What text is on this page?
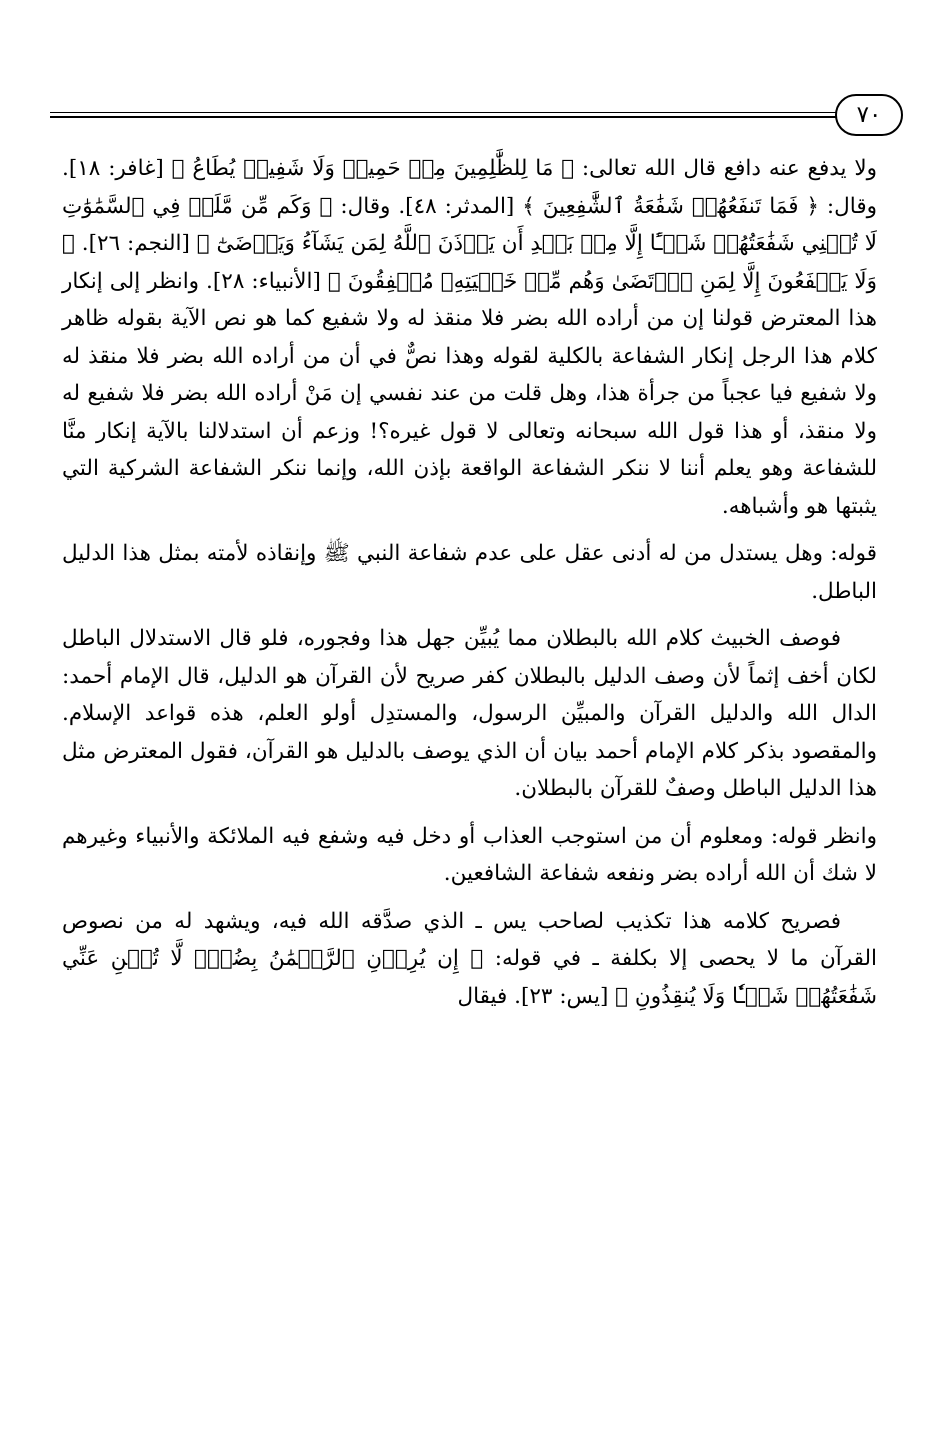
٧٠

ولا يدفع عنه دافع قال الله تعالى: ﴿ مَا لِلظَّٰلِمِينَ مِنۡ حَمِيمٖ وَلَا شَفِيعٖ يُطَاعُ ﴾ [غافر: ١٨]. وقال: ﴿ فَمَا تَنفَعُهُمۡ شَفَٰعَةُ ٱلشَّٰفِعِينَ ﴾ [المدثر: ٤٨]. وقال: ﴿ وَكَم مِّن مَّلَكٖ فِي ٱلسَّمَٰوَٰتِ لَا تُغۡنِي شَفَٰعَتُهُمۡ شَيۡـًٔا إِلَّا مِنۢ بَعۡدِ أَن يَأۡذَنَ ٱللَّهُ لِمَن يَشَآءُ وَيَرۡضَىٰٓ ﴾ [النجم: ٢٦]. ﴿ وَلَا يَشۡفَعُونَ إِلَّا لِمَنِ ٱرۡتَضَىٰ وَهُم مِّنۡ خَشۡيَتِهِۦ مُشۡفِقُونَ ﴾ [الأنبياء: ٢٨]. وانظر إلى إنكار هذا المعترض قولنا إن من أراده الله بضر فلا منقذ له ولا شفيع كما هو نص الآية بقوله ظاهر كلام هذا الرجل إنكار الشفاعة بالكلية لقوله وهذا نصٌّ في أن من أراده الله بضر فلا منقذ له ولا شفيع فيا عجباً من جرأة هذا، وهل قلت من عند نفسي إن مَنْ أراده الله بضر فلا شفيع له ولا منقذ، أو هذا قول الله سبحانه وتعالى لا قول غيره؟! وزعم أن استدلالنا بالآية إنكار منَّا للشفاعة وهو يعلم أننا لا ننكر الشفاعة الواقعة بإذن الله، وإنما ننكر الشفاعة الشركية التي يثبتها هو وأشباهه.

قوله: وهل يستدل من له أدنى عقل على عدم شفاعة النبي ﷺ وإنقاذه لأمته بمثل هذا الدليل الباطل.

فوصف الخبيث كلام الله بالبطلان مما يُبيِّن جهل هذا وفجوره، فلو قال الاستدلال الباطل لكان أخف إثماً لأن وصف الدليل بالبطلان كفر صريح لأن القرآن هو الدليل، قال الإمام أحمد: الدال الله والدليل القرآن والمبيِّن الرسول، والمستدِل أولو العلم، هذه قواعد الإسلام. والمقصود بذكر كلام الإمام أحمد بيان أن الذي يوصف بالدليل هو القرآن، فقول المعترض مثل هذا الدليل الباطل وصفٌ للقرآن بالبطلان.

وانظر قوله: ومعلوم أن من استوجب العذاب أو دخل فيه وشفع فيه الملائكة والأنبياء وغيرهم لا شك أن الله أراده بضر ونفعه شفاعة الشافعين.

فصريح كلامه هذا تكذيب لصاحب يس ـ الذي صدَّقه الله فيه، ويشهد له من نصوص القرآن ما لا يحصى إلا بكلفة ـ في قوله: ﴿ إِن يُرِدۡنِ ٱلرَّحۡمَٰنُ بِضُرّٖ لَّا تُغۡنِ عَنِّي شَفَٰعَتُهُمۡ شَيۡـٔٗا وَلَا يُنقِذُونِ ﴾ [يس: ٢٣]. فيقال
